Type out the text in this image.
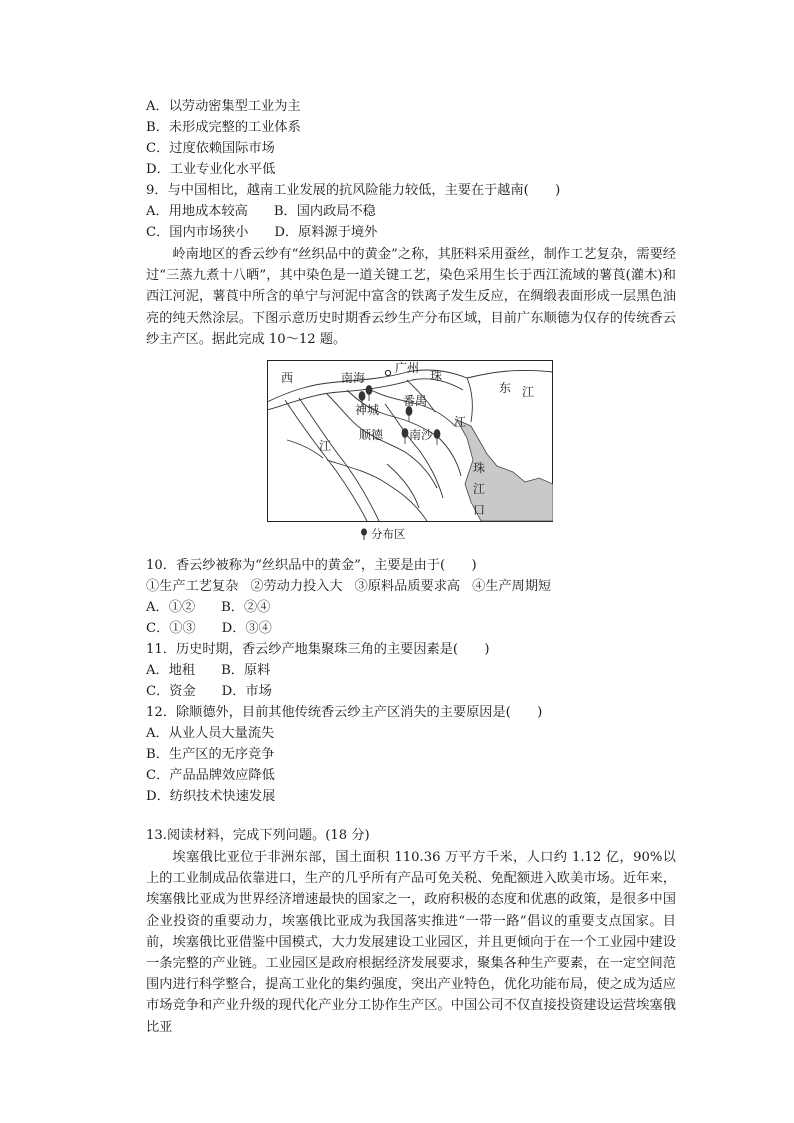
A．以劳动密集型工业为主
B．未形成完整的工业体系
C．过度依赖国际市场
D．工业专业化水平低
9．与中国相比，越南工业发展的抗风险能力较低，主要在于越南(　　)
A．用地成本较高 B．国内政局不稳
C．国内市场狭小 D．原料源于境外
岭南地区的香云纱有“丝织品中的黄金”之称，其胚料采用蚕丝，制作工艺复杂，需要经过“三蒸九煮十八晒”，其中染色是一道关键工艺，染色采用生长于西江流域的薯莨(灌木)和西江河泥，薯莨中所含的单宁与河泥中富含的铁离子发生反应，在绸缎表面形成一层黑色油亮的纯天然涂层。下图示意历史时期香云纱生产分布区域，目前广东顺德为仅存的传统香云纱主产区。据此完成 10～12 题。
西	南海
广州
珠
东 江
番禺
神城
江
顺德 南沙
江
珠
江
口
分布区
10．香云纱被称为“丝织品中的黄金”，主要是由于(　　)
①生产工艺复杂 ②劳动力投入大 ③原料品质要求高 ④生产周期短
A．①② B．②④
C．①③ D．③④
11．历史时期，香云纱产地集聚珠三角的主要因素是(　　)
A．地租 B．原料
C．资金 D．市场
12．除顺德外，目前其他传统香云纱主产区消失的主要原因是(　　)
A．从业人员大量流失
B．生产区的无序竞争
C．产品品牌效应降低
D．纺织技术快速发展
13.阅读材料，完成下列问题。(18 分)
埃塞俄比亚位于非洲东部，国土面积 110.36 万平方千米，人口约 1.12 亿，90%以上的工业制成品依靠进口，生产的几乎所有产品可免关税、免配额进入欧美市场。近年来，埃塞俄比亚成为世界经济增速最快的国家之一，政府积极的态度和优惠的政策，是很多中国企业投资的重要动力，埃塞俄比亚成为我国落实推进“一带一路”倡议的重要支点国家。目前，埃塞俄比亚借鉴中国模式，大力发展建设工业园区，并且更倾向于在一个工业园中建设一条完整的产业链。工业园区是政府根据经济发展要求，聚集各种生产要素，在一定空间范围内进行科学整合，提高工业化的集约强度，突出产业特色，优化功能布局，使之成为适应市场竞争和产业升级的现代化产业分工协作生产区。中国公司不仅直接投资建设运营埃塞俄比亚
